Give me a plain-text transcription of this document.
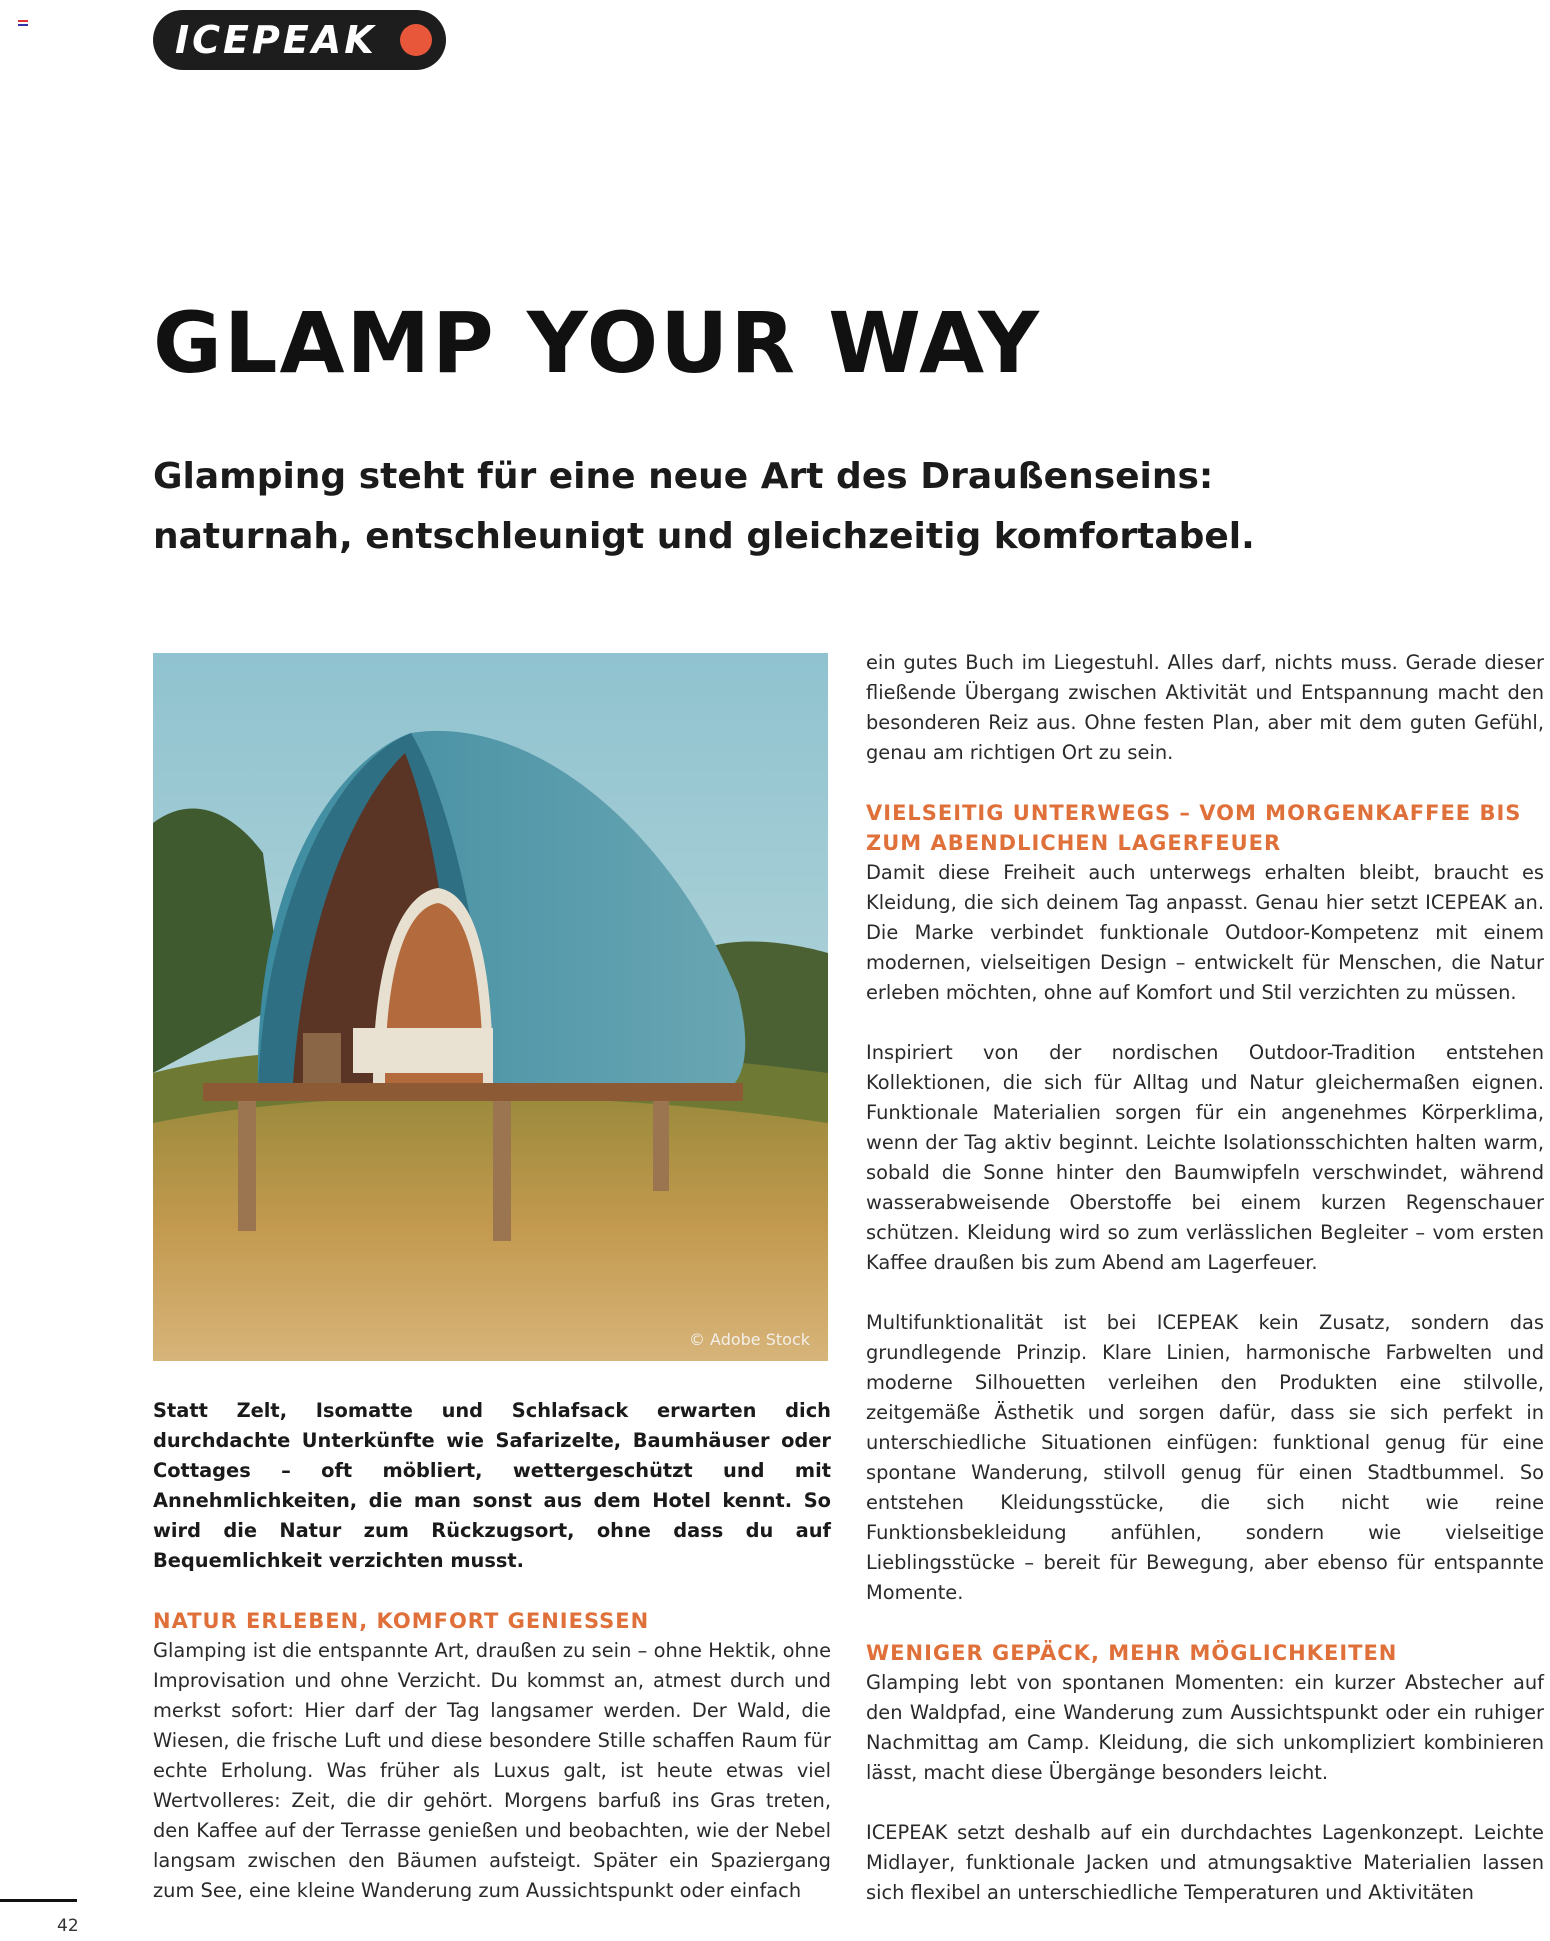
ICEPEAK
GLAMP YOUR WAY

Glamping steht für eine neue Art des Draußenseins: naturnah, entschleunigt und gleichzeitig komfortabel.

© Adobe Stock

Statt Zelt, Isomatte und Schlafsack erwarten dich durchdachte Unterkünfte wie Safarizelte, Baumhäuser oder Cottages – oft möbliert, wettergeschützt und mit Annehmlichkeiten, die man sonst aus dem Hotel kennt. So wird die Natur zum Rückzugsort, ohne dass du auf Bequemlichkeit verzichten musst.

NATUR ERLEBEN, KOMFORT GENIESSEN

Glamping ist die entspannte Art, draußen zu sein – ohne Hektik, ohne Improvisation und ohne Verzicht. Du kommst an, atmest durch und merkst sofort: Hier darf der Tag langsamer werden. Der Wald, die Wiesen, die frische Luft und diese besondere Stille schaffen Raum für echte Erholung. Was früher als Luxus galt, ist heute etwas viel Wertvolleres: Zeit, die dir gehört. Morgens barfuß ins Gras treten, den Kaffee auf der Terrasse genießen und beobachten, wie der Nebel langsam zwischen den Bäumen aufsteigt. Später ein Spaziergang zum See, eine kleine Wanderung zum Aussichtspunkt oder einfach

ein gutes Buch im Liegestuhl. Alles darf, nichts muss. Gerade dieser fließende Übergang zwischen Aktivität und Entspannung macht den besonderen Reiz aus. Ohne festen Plan, aber mit dem guten Gefühl, genau am richtigen Ort zu sein.

VIELSEITIG UNTERWEGS – VOM MORGENKAFFEE BIS ZUM ABENDLICHEN LAGERFEUER

Damit diese Freiheit auch unterwegs erhalten bleibt, braucht es Kleidung, die sich deinem Tag anpasst. Genau hier setzt ICEPEAK an. Die Marke verbindet funktionale Outdoor-Kompetenz mit einem modernen, vielseitigen Design – entwickelt für Menschen, die Natur erleben möchten, ohne auf Komfort und Stil verzichten zu müssen.

Inspiriert von der nordischen Outdoor-Tradition entstehen Kollektionen, die sich für Alltag und Natur gleichermaßen eignen. Funktionale Materialien sorgen für ein angenehmes Körperklima, wenn der Tag aktiv beginnt. Leichte Isolationsschichten halten warm, sobald die Sonne hinter den Baumwipfeln verschwindet, während wasserabweisende Oberstoffe bei einem kurzen Regenschauer schützen. Kleidung wird so zum verlässlichen Begleiter – vom ersten Kaffee draußen bis zum Abend am Lagerfeuer.

Multifunktionalität ist bei ICEPEAK kein Zusatz, sondern das grundlegende Prinzip. Klare Linien, harmonische Farbwelten und moderne Silhouetten verleihen den Produkten eine stilvolle, zeitgemäße Ästhetik und sorgen dafür, dass sie sich perfekt in unterschiedliche Situationen einfügen: funktional genug für eine spontane Wanderung, stilvoll genug für einen Stadtbummel. So entstehen Kleidungsstücke, die sich nicht wie reine Funktionsbekleidung anfühlen, sondern wie vielseitige Lieblingsstücke – bereit für Bewegung, aber ebenso für entspannte Momente.

WENIGER GEPÄCK, MEHR MÖGLICHKEITEN

Glamping lebt von spontanen Momenten: ein kurzer Abstecher auf den Waldpfad, eine Wanderung zum Aussichtspunkt oder ein ruhiger Nachmittag am Camp. Kleidung, die sich unkompliziert kombinieren lässt, macht diese Übergänge besonders leicht.

ICEPEAK setzt deshalb auf ein durchdachtes Lagenkonzept. Leichte Midlayer, funktionale Jacken und atmungsaktive Materialien lassen sich flexibel an unterschiedliche Temperaturen und Aktivitäten

42
